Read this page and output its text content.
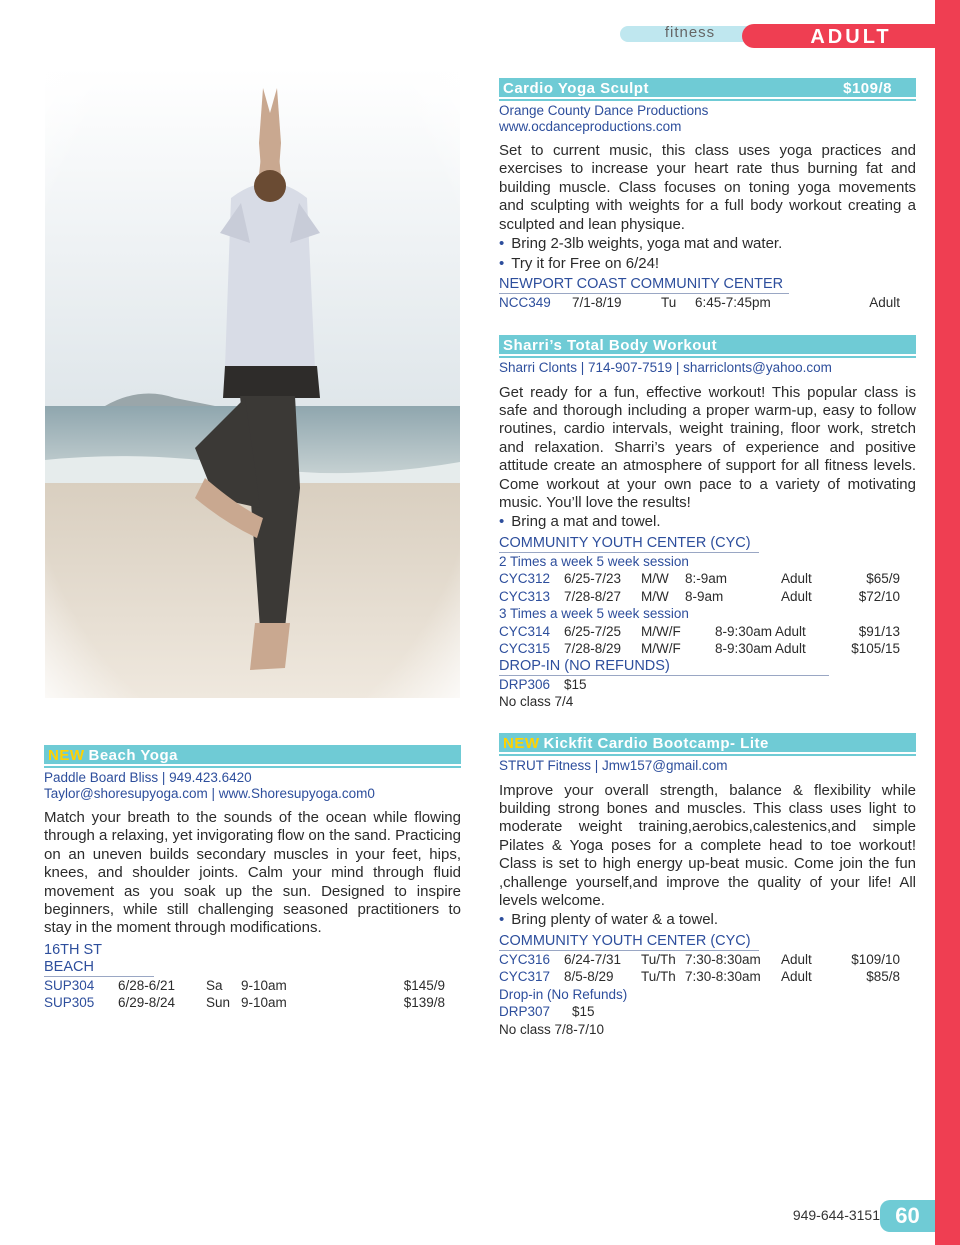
fitness	ADULT
Cardio Yoga Sculpt	$109/8
Orange County Dance Productions
www.ocdanceproductions.com
Set to current music, this class uses yoga practices and exercises to increase your heart rate thus burning fat and building muscle. Class focuses on toning yoga movements and sculpting with weights for a full body workout creating a sculpted and lean physique.
• Bring 2-3lb weights, yoga mat and water.
• Try it for Free on 6/24!
NEWPORT COAST COMMUNITY CENTER
NCC349 7/1-8/19	Tu 6:45-7:45pm	Adult
Sharri’s Total Body Workout
Sharri Clonts | 714-907-7519 | sharriclonts@yahoo.com
Get ready for a fun, effective workout! This popular class is safe and thorough including a proper warm-up, easy to follow routines, cardio intervals, weight training, floor work, stretch and relaxation. Sharri’s years of experience and positive attitude create an atmosphere of support for all fitness levels. Come workout at your own pace to a variety of motivating music. You’ll love the results!
• Bring a mat and towel.
COMMUNITY YOUTH CENTER (CYC)
2 Times a week 5 week session
CYC312 6/25-7/23 M/W 8:-9am	Adult	$65/9
CYC313 7/28-8/27 M/W 8-9am	Adult	$72/10
3 Times a week 5 week session
CYC314 6/25-7/25 M/W/F	8-9:30am Adult	$91/13
CYC315 7/28-8/29 M/W/F	8-9:30am Adult	$105/15
DROP-IN (NO REFUNDS)
DRP306 $15
No class 7/4
NEW Beach Yoga
Paddle Board Bliss | 949.423.6420
Taylor@shoresupyoga.com | www.Shoresupyoga.com0
Match your breath to the sounds of the ocean while flowing through a relaxing, yet invigorating flow on the sand. Practicing on an uneven builds secondary muscles in your feet, hips, knees, and shoulder joints. Calm your mind through fluid movement as you soak up the sun. Designed to inspire beginners, while still challenging seasoned practitioners to stay in the moment through modifications.
16TH ST BEACH
SUP304 6/28-6/21 Sa 9-10am	$145/9
SUP305 6/29-8/24 Sun 9-10am	$139/8
NEW Kickfit Cardio Bootcamp- Lite
STRUT Fitness | Jmw157@gmail.com
Improve your overall strength, balance & flexibility while building strong bones and muscles. This class uses light to moderate weight training,aerobics,calestenics,and simple Pilates & Yoga poses for a complete head to toe workout! Class is set to high energy up-beat music. Come join the fun ,challenge yourself,and improve the quality of your life! All levels welcome.
• Bring plenty of water & a towel.
COMMUNITY YOUTH CENTER (CYC)
CYC316 6/24-7/31 Tu/Th 7:30-8:30am Adult	$109/10
CYC317 8/5-8/29 Tu/Th 7:30-8:30am Adult	$85/8
Drop-in (No Refunds)
DRP307 $15
No class 7/8-7/10
949-644-3151 60
